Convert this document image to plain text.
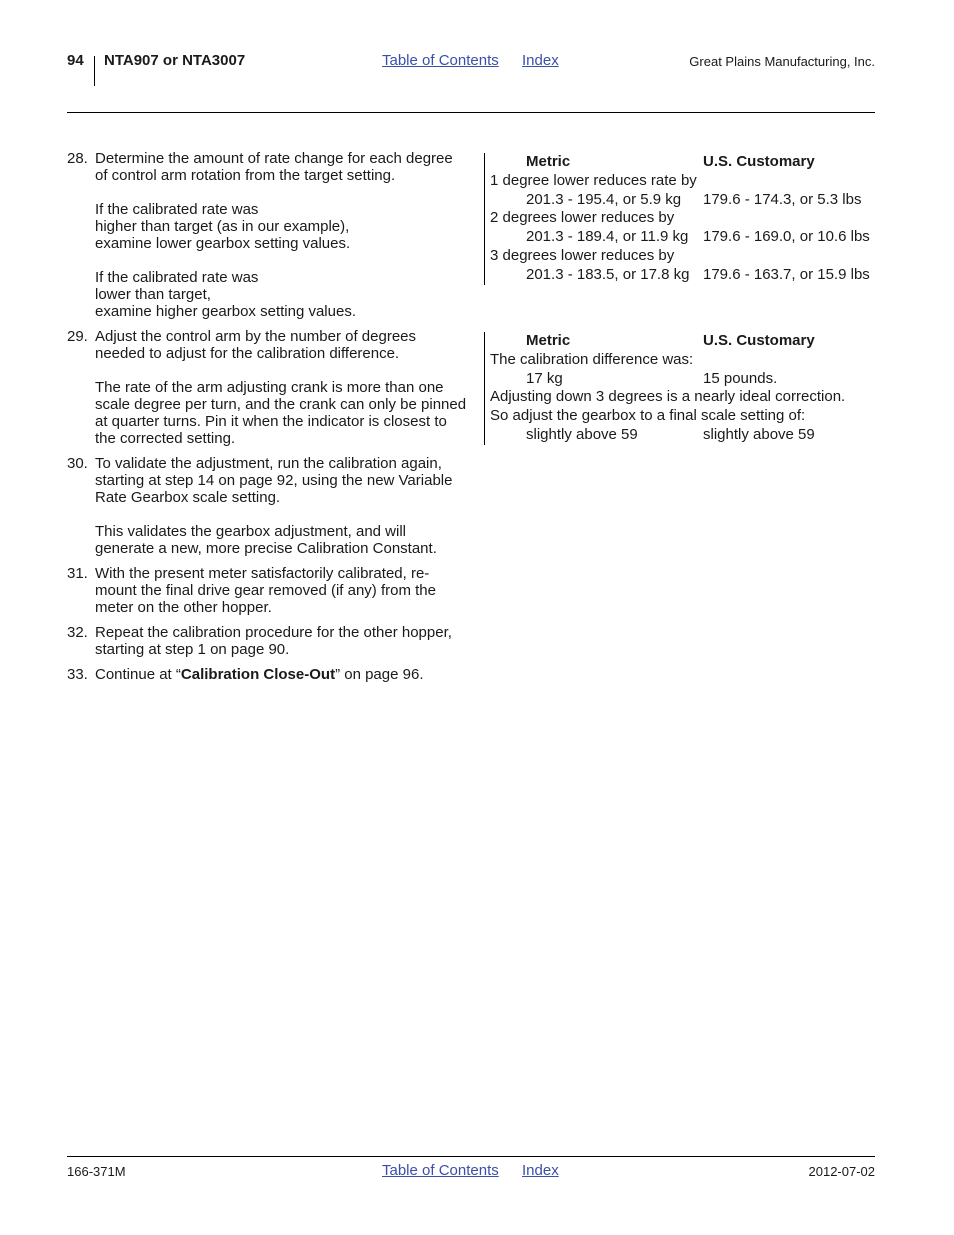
94 NTA907 or NTA3007	Table of Contents Index	Great Plains Manufacturing, Inc.
28. Determine the amount of rate change for each degree of control arm rotation from the target setting.

If the calibrated rate was
higher than target (as in our example),
examine lower gearbox setting values.

If the calibrated rate was
lower than target,
examine higher gearbox setting values.

29. Adjust the control arm by the number of degrees needed to adjust for the calibration difference.

The rate of the arm adjusting crank is more than one scale degree per turn, and the crank can only be pinned at quarter turns. Pin it when the indicator is closest to the corrected setting.

30. To validate the adjustment, run the calibration again, starting at step 14 on page 92, using the new Variable Rate Gearbox scale setting.

This validates the gearbox adjustment, and will generate a new, more precise Calibration Constant.

31. With the present meter satisfactorily calibrated, re-mount the final drive gear removed (if any) from the meter on the other hopper.

32. Repeat the calibration procedure for the other hopper, starting at step 1 on page 90.

33. Continue at “Calibration Close-Out” on page 96.
Metric	U.S. Customary
1 degree lower reduces rate by
201.3 - 195.4, or 5.9 kg 179.6 - 174.3, or 5.3 lbs
2 degrees lower reduces by
201.3 - 189.4, or 11.9 kg 179.6 - 169.0, or 10.6 lbs
3 degrees lower reduces by
201.3 - 183.5, or 17.8 kg 179.6 - 163.7, or 15.9 lbs
Metric	U.S. Customary
The calibration difference was:
17 kg	15 pounds.
Adjusting down 3 degrees is a nearly ideal correction.
So adjust the gearbox to a final scale setting of:
slightly above 59	slightly above 59
166-371M	Table of Contents Index	2012-07-02
